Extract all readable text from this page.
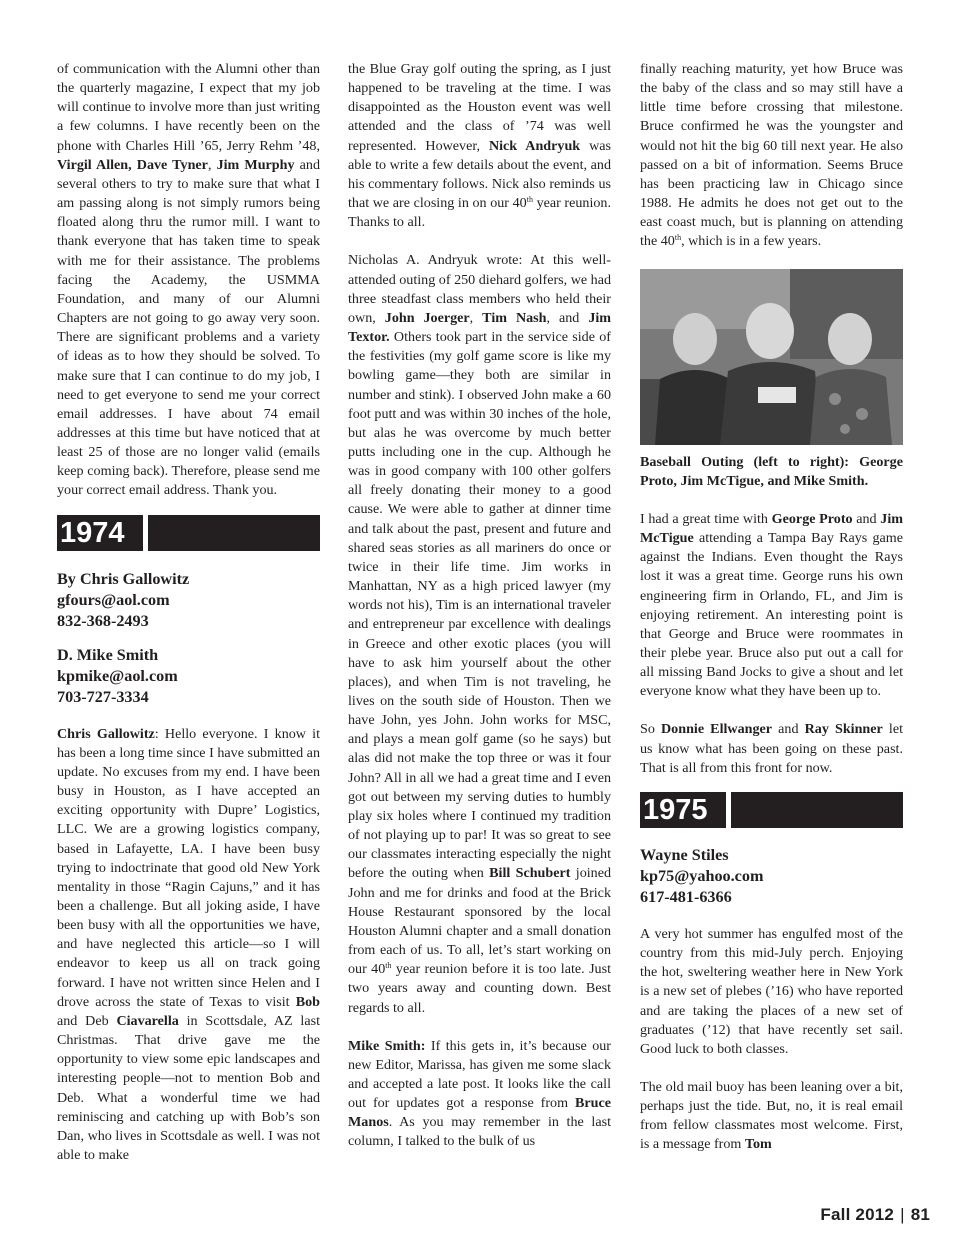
of communication with the Alumni other than the quarterly magazine, I expect that my job will continue to involve more than just writing a few columns. I have recently been on the phone with Charles Hill ’65, Jerry Rehm ’48, Virgil Allen, Dave Tyner, Jim Murphy and several others to try to make sure that what I am passing along is not simply rumors being floated along thru the rumor mill. I want to thank everyone that has taken time to speak with me for their assistance. The problems facing the Academy, the USMMA Foundation, and many of our Alumni Chapters are not going to go away very soon. There are significant problems and a variety of ideas as to how they should be solved. To make sure that I can continue to do my job, I need to get everyone to send me your correct email addresses. I have about 74 email addresses at this time but have noticed that at least 25 of those are no longer valid (emails keep coming back). Therefore, please send me your correct email address. Thank you.

1974
By Chris Gallowitz
gfours@aol.com
832-368-2493
D. Mike Smith
kpmike@aol.com
703-727-3334

Chris Gallowitz: Hello everyone. I know it has been a long time since I have submitted an update. No excuses from my end. I have been busy in Houston, as I have accepted an exciting opportunity with Dupre’ Logistics, LLC. We are a growing logistics company, based in Lafayette, LA. I have been busy trying to indoctrinate that good old New York mentality in those “Ragin Cajuns,” and it has been a challenge. But all joking aside, I have been busy with all the opportunities we have, and have neglected this article—so I will endeavor to keep us all on track going forward. I have not written since Helen and I drove across the state of Texas to visit Bob and Deb Ciavarella in Scottsdale, AZ last Christmas. That drive gave me the opportunity to view some epic landscapes and interesting people—not to mention Bob and Deb. What a wonderful time we had reminiscing and catching up with Bob’s son Dan, who lives in Scottsdale as well. I was not able to make

the Blue Gray golf outing the spring, as I just happened to be traveling at the time. I was disappointed as the Houston event was well attended and the class of ’74 was well represented. However, Nick Andryuk was able to write a few details about the event, and his commentary follows. Nick also reminds us that we are closing in on our 40th year reunion. Thanks to all.

Nicholas A. Andryuk wrote: At this well-attended outing of 250 diehard golfers, we had three steadfast class members who held their own, John Joerger, Tim Nash, and Jim Textor. Others took part in the service side of the festivities (my golf game score is like my bowling game—they both are similar in number and stink). I observed John make a 60 foot putt and was within 30 inches of the hole, but alas he was overcome by much better putts including one in the cup. Although he was in good company with 100 other golfers all freely donating their money to a good cause. We were able to gather at dinner time and talk about the past, present and future and shared seas stories as all mariners do once or twice in their life time. Jim works in Manhattan, NY as a high priced lawyer (my words not his), Tim is an international traveler and entrepreneur par excellence with dealings in Greece and other exotic places (you will have to ask him yourself about the other places), and when Tim is not traveling, he lives on the south side of Houston. Then we have John, yes John. John works for MSC, and plays a mean golf game (so he says) but alas did not make the top three or was it four John? All in all we had a great time and I even got out between my serving duties to humbly play six holes where I continued my tradition of not playing up to par! It was so great to see our classmates interacting especially the night before the outing when Bill Schubert joined John and me for drinks and food at the Brick House Restaurant sponsored by the local Houston Alumni chapter and a small donation from each of us. To all, let’s start working on our 40th year reunion before it is too late. Just two years away and counting down. Best regards to all.

Mike Smith: If this gets in, it’s because our new Editor, Marissa, has given me some slack and accepted a late post. It looks like the call out for updates got a response from Bruce Manos. As you may remember in the last column, I talked to the bulk of us

finally reaching maturity, yet how Bruce was the baby of the class and so may still have a little time before crossing that milestone. Bruce confirmed he was the youngster and would not hit the big 60 till next year. He also passed on a bit of information. Seems Bruce has been practicing law in Chicago since 1988. He admits he does not get out to the east coast much, but is planning on attending the 40th, which is in a few years.

Baseball Outing (left to right): George Proto, Jim McTigue, and Mike Smith.

I had a great time with George Proto and Jim McTigue attending a Tampa Bay Rays game against the Indians. Even thought the Rays lost it was a great time. George runs his own engineering firm in Orlando, FL, and Jim is enjoying retirement. An interesting point is that George and Bruce were roommates in their plebe year. Bruce also put out a call for all missing Band Jocks to give a shout and let everyone know what they have been up to.

So Donnie Ellwanger and Ray Skinner let us know what has been going on these past. That is all from this front for now.

1975
Wayne Stiles
kp75@yahoo.com
617-481-6366

A very hot summer has engulfed most of the country from this mid-July perch. Enjoying the hot, sweltering weather here in New York is a new set of plebes (’16) who have reported and are taking the places of a new set of graduates (’12) that have recently set sail. Good luck to both classes.

The old mail buoy has been leaning over a bit, perhaps just the tide. But, no, it is real email from fellow classmates most welcome. First, is a message from Tom

Fall 2012 | 81
